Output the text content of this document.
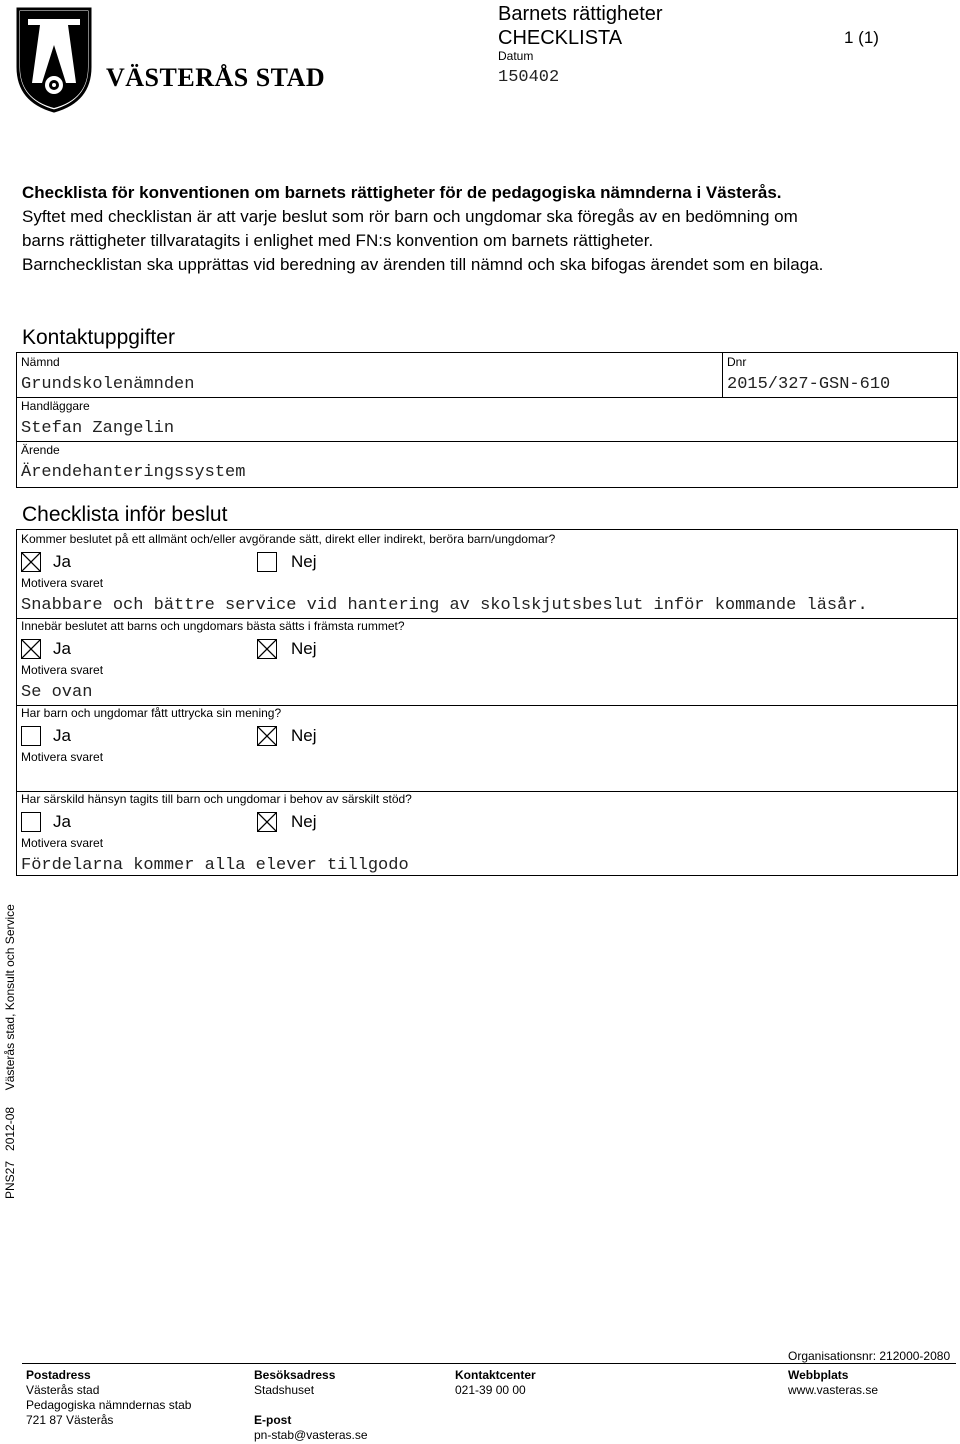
VÄSTERÅS STAD
Barnets rättigheter
CHECKLISTA	1 (1)
Datum
150402
Checklista för konventionen om barnets rättigheter för de pedagogiska nämnderna i Västerås.
Syftet med checklistan är att varje beslut som rör barn och ungdomar ska föregås av en bedömning om
barns rättigheter tillvaratagits i enlighet med FN:s konvention om barnets rättigheter.
Barnchecklistan ska upprättas vid beredning av ärenden till nämnd och ska bifogas ärendet som en bilaga.
Kontaktuppgifter
Nämnd
Grundskolenämnden
Dnr
2015/327-GSN-610
Handläggare
Stefan Zangelin
Ärende
Ärendehanteringssystem
Checklista inför beslut
Kommer beslutet på ett allmänt och/eller avgörande sätt, direkt eller indirekt, beröra barn/ungdomar?
Ja	Nej
Motivera svaret
Snabbare och bättre service vid hantering av skolskjutsbeslut inför kommande läsår.
Innebär beslutet att barns och ungdomars bästa sätts i främsta rummet?
Ja	Nej
Motivera svaret
Se ovan
Har barn och ungdomar fått uttrycka sin mening?
Ja	Nej
Motivera svaret
Har särskild hänsyn tagits till barn och ungdomar i behov av särskilt stöd?
Ja	Nej
Motivera svaret
Fördelarna kommer alla elever tillgodo
PNS27   2012-08     Västerås stad, Konsult och Service
Organisationsnr: 212000-2080
Postadress
Västerås stad
Pedagogiska nämndernas stab
721 87 Västerås
Besöksadress
Stadshuset
E-post
pn-stab@vasteras.se
Kontaktcenter
021-39 00 00
Webbplats
www.vasteras.se
